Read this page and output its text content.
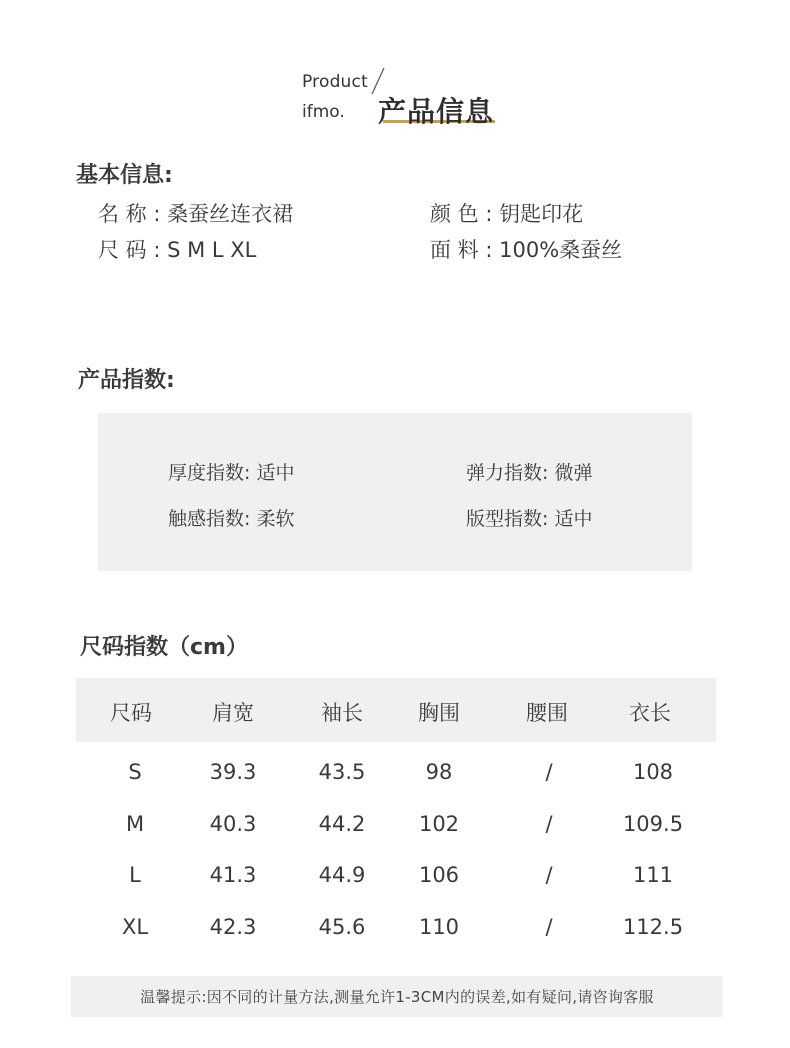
Product
ifmo. 产品信息
基本信息:
名 称 : 桑蚕丝连衣裙	颜 色 : 钥匙印花
尺 码 : S M L XL	面 料 : 100%桑蚕丝
产品指数:
厚度指数: 适中	弹力指数: 微弹
触感指数: 柔软	版型指数: 适中
尺码指数（cm）
尺码	肩宽	袖长	胸围	腰围	衣长
S	39.3	43.5	98	/	108
M	40.3	44.2	102	/	109.5
L	41.3	44.9	106	/	111
XL	42.3	45.6	110	/	112.5
温馨提示:因不同的计量方法,测量允许1-3CM内的误差,如有疑问,请咨询客服
